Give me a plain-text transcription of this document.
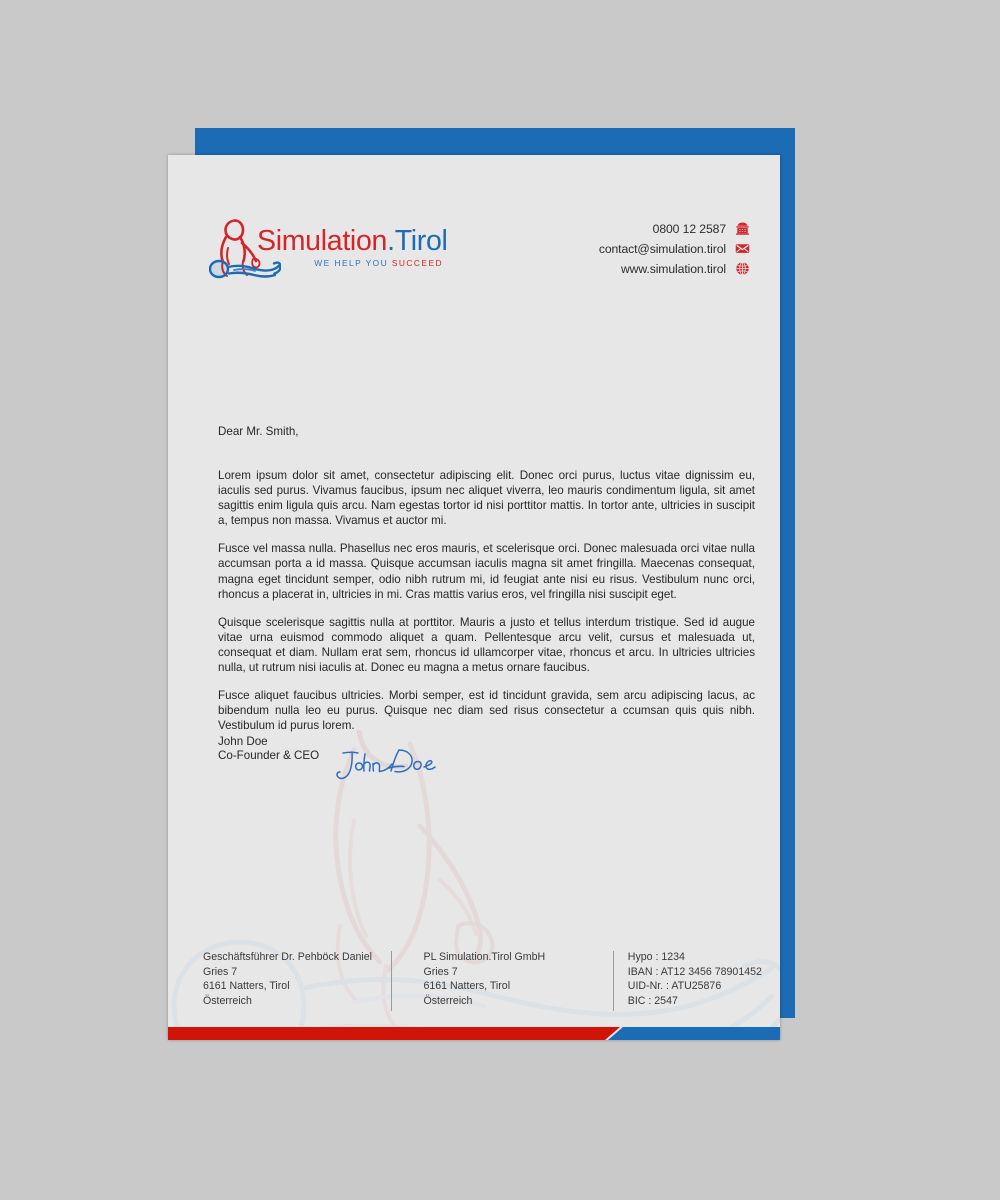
Simulation.Tirol
WE HELP YOU SUCCEED
0800 12 2587
contact@simulation.tirol
www.simulation.tirol
Dear Mr. Smith,

Lorem ipsum dolor sit amet, consectetur adipiscing elit. Donec orci purus, luctus vitae dignissim eu, iaculis sed purus. Vivamus faucibus, ipsum nec aliquet viverra, leo mauris condimentum ligula, sit amet sagittis enim ligula quis arcu. Nam egestas tortor id nisi porttitor mattis. In tortor ante, ultricies in suscipit a, tempus non massa. Vivamus et auctor mi.

Fusce vel massa nulla. Phasellus nec eros mauris, et scelerisque orci. Donec malesuada orci vitae nulla accumsan porta a id massa. Quisque accumsan iaculis magna sit amet fringilla. Maecenas consequat, magna eget tincidunt semper, odio nibh rutrum mi, id feugiat ante nisi eu risus. Vestibulum nunc orci, rhoncus a placerat in, ultricies in mi. Cras mattis varius eros, vel fringilla nisi suscipit eget.

Quisque scelerisque sagittis nulla at porttitor. Mauris a justo et tellus interdum tristique. Sed id augue vitae urna euismod commodo aliquet a quam. Pellentesque arcu velit, cursus et malesuada ut, consequat et diam. Nullam erat sem, rhoncus id ullamcorper vitae, rhoncus et arcu. In ultricies ultricies nulla, ut rutrum nisi iaculis at. Donec eu magna a metus ornare faucibus.

Fusce aliquet faucibus ultricies. Morbi semper, est id tincidunt gravida, sem arcu adipiscing lacus, ac bibendum nulla leo eu purus. Quisque nec diam sed risus consectetur a ccumsan quis quis nibh. Vestibulum id purus lorem.

John Doe
Co-Founder & CEO
Geschäftsführer Dr. Pehböck Daniel
Gries 7
6161 Natters, Tirol
Österreich
PL Simulation.Tirol GmbH
Gries 7
6161 Natters, Tirol
Österreich
Hypo : 1234
IBAN : AT12 3456 78901452
UID-Nr. : ATU25876
BIC : 2547
